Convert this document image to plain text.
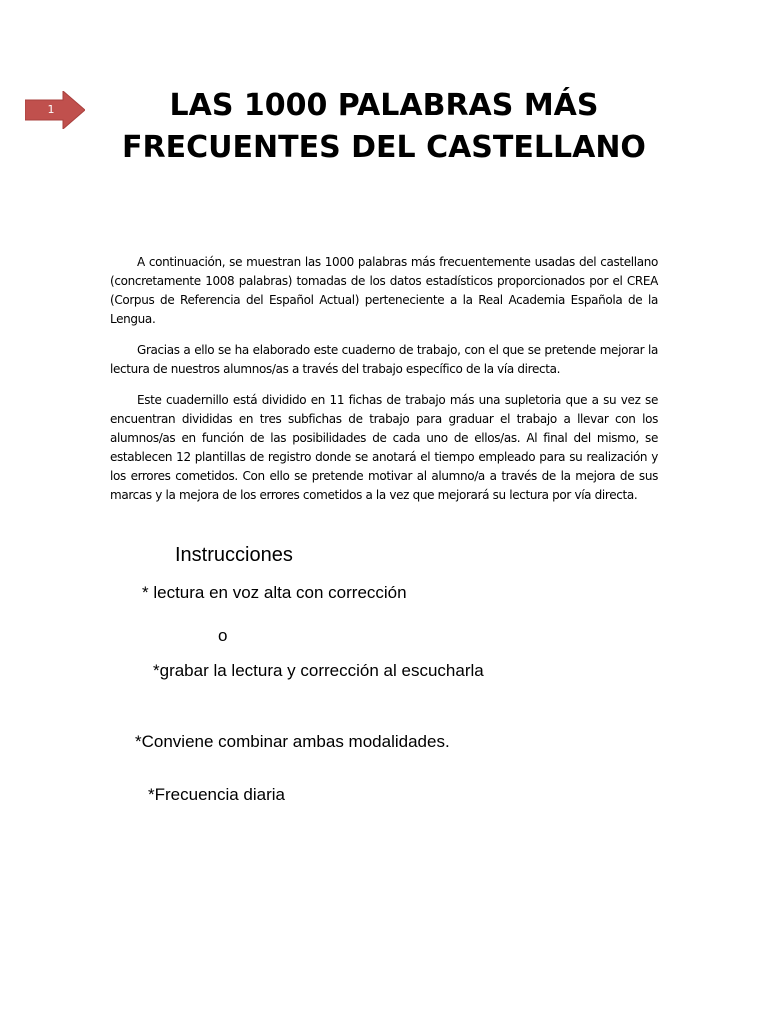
1	LAS 1000 PALABRAS MÁS FRECUENTES DEL CASTELLANO

A continuación, se muestran las 1000 palabras más frecuentemente usadas del castellano (concretamente 1008 palabras) tomadas de los datos estadísticos proporcionados por el CREA (Corpus de Referencia del Español Actual) perteneciente a la Real Academia Española de la Lengua.

Gracias a ello se ha elaborado este cuaderno de trabajo, con el que se pretende mejorar la lectura de nuestros alumnos/as a través del trabajo específico de la vía directa.

Este cuadernillo está dividido en 11 fichas de trabajo más una supletoria que a su vez se encuentran divididas en tres subfichas de trabajo para graduar el trabajo a llevar con los alumnos/as en función de las posibilidades de cada uno de ellos/as. Al final del mismo, se establecen 12 plantillas de registro donde se anotará el tiempo empleado para su realización y los errores cometidos. Con ello se pretende motivar al alumno/a a través de la mejora de sus marcas y la mejora de los errores cometidos a la vez que mejorará su lectura por vía directa.

Instrucciones

* lectura en voz alta con corrección

o

*grabar la lectura y corrección al escucharla

*Conviene combinar ambas modalidades.

*Frecuencia diaria
